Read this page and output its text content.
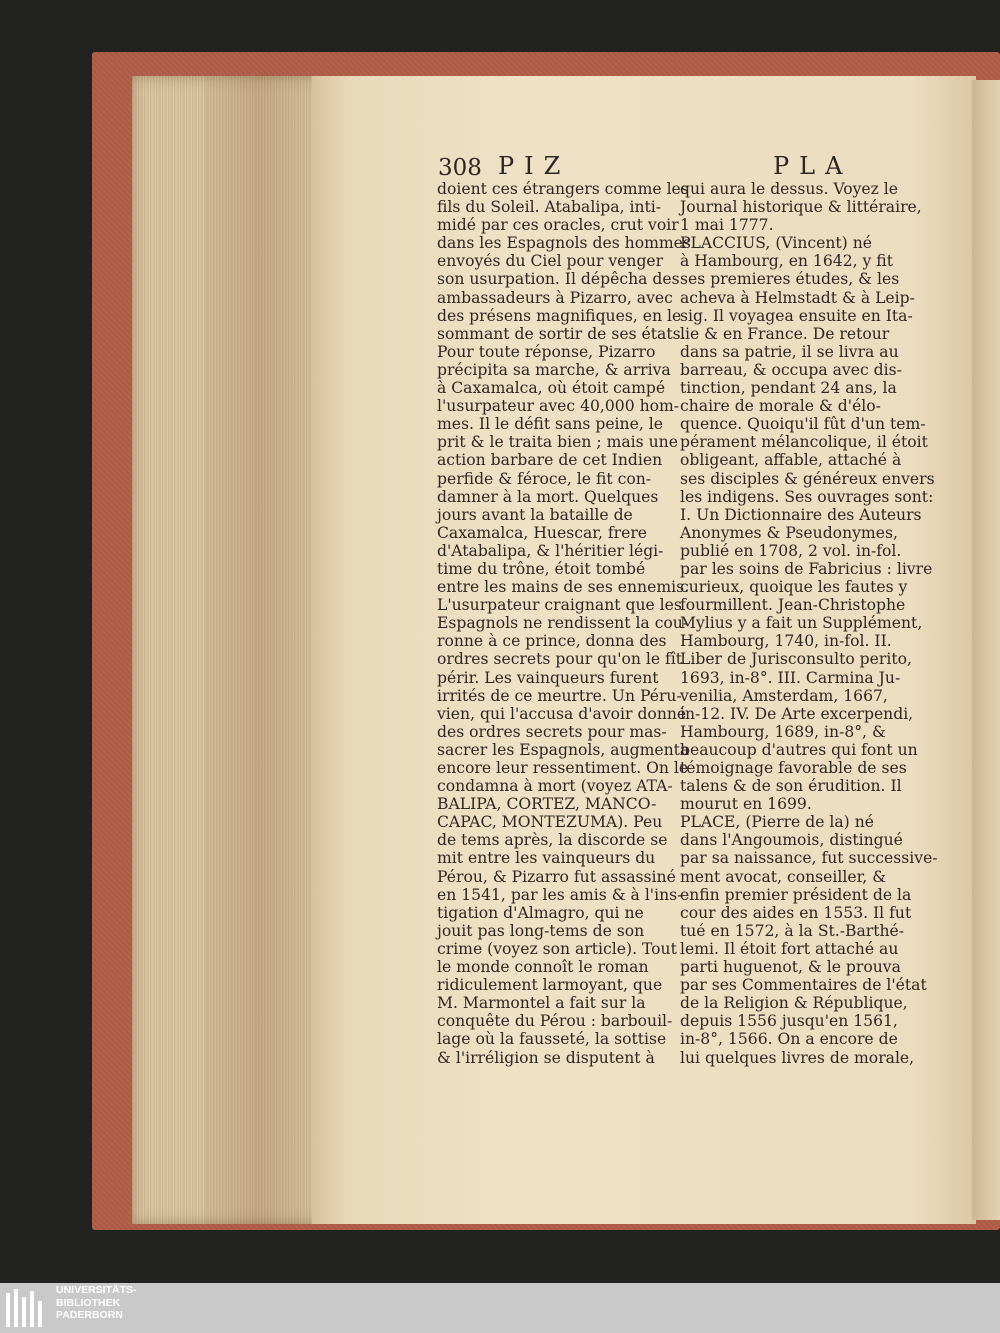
308 PIZ	PLA
doient ces étrangers comme les
fils du Soleil. Atabalipa, inti-
midé par ces oracles, crut voir
dans les Espagnols des hommes
envoyés du Ciel pour venger
son usurpation. Il dépêcha des
ambassadeurs à Pizarro, avec
des présens magnifiques, en le
sommant de sortir de ses états.
Pour toute réponse, Pizarro
précipita sa marche, & arriva
à Caxamalca, où étoit campé
l'usurpateur avec 40,000 hom-
mes. Il le défit sans peine, le
prit & le traita bien ; mais une
action barbare de cet Indien
perfide & féroce, le fit con-
damner à la mort. Quelques
jours avant la bataille de
Caxamalca, Huescar, frere
d'Atabalipa, & l'héritier légi-
time du trône, étoit tombé
entre les mains de ses ennemis.
L'usurpateur craignant que les
Espagnols ne rendissent la cou-
ronne à ce prince, donna des
ordres secrets pour qu'on le fît
périr. Les vainqueurs furent
irrités de ce meurtre. Un Péru-
vien, qui l'accusa d'avoir donné
des ordres secrets pour mas-
sacrer les Espagnols, augmenta
encore leur ressentiment. On le
condamna à mort (voyez ATA-
BALIPA, CORTEZ, MANCO-
CAPAC, MONTEZUMA). Peu
de tems après, la discorde se
mit entre les vainqueurs du
Pérou, & Pizarro fut assassiné
en 1541, par les amis & à l'ins-
tigation d'Almagro, qui ne
jouit pas long-tems de son
crime (voyez son article). Tout
le monde connoît le roman
ridiculement larmoyant, que
M. Marmontel a fait sur la
conquête du Pérou : barbouil-
lage où la fausseté, la sottise
& l'irréligion se disputent à
qui aura le dessus. Voyez le
Journal historique & littéraire,
1 mai 1777.
PLACCIUS, (Vincent) né
à Hambourg, en 1642, y fit
ses premieres études, & les
acheva à Helmstadt & à Leip-
sig. Il voyagea ensuite en Ita-
lie & en France. De retour
dans sa patrie, il se livra au
barreau, & occupa avec dis-
tinction, pendant 24 ans, la
chaire de morale & d'élo-
quence. Quoiqu'il fût d'un tem-
pérament mélancolique, il étoit
obligeant, affable, attaché à
ses disciples & généreux envers
les indigens. Ses ouvrages sont:
I. Un Dictionnaire des Auteurs
Anonymes & Pseudonymes,
publié en 1708, 2 vol. in-fol.
par les soins de Fabricius : livre
curieux, quoique les fautes y
fourmillent. Jean-Christophe
Mylius y a fait un Supplément,
Hambourg, 1740, in-fol. II.
Liber de Jurisconsulto perito,
1693, in-8°. III. Carmina Ju-
venilia, Amsterdam, 1667,
in-12. IV. De Arte excerpendi,
Hambourg, 1689, in-8°, &
beaucoup d'autres qui font un
témoignage favorable de ses
talens & de son érudition. Il
mourut en 1699.
PLACE, (Pierre de la) né
dans l'Angoumois, distingué
par sa naissance, fut successive-
ment avocat, conseiller, &
enfin premier président de la
cour des aides en 1553. Il fut
tué en 1572, à la St.-Barthé-
lemi. Il étoit fort attaché au
parti huguenot, & le prouva
par ses Commentaires de l'état
de la Religion & République,
depuis 1556 jusqu'en 1561,
in-8°, 1566. On a encore de
lui quelques livres de morale,
UNIVERSITÄTS-
BIBLIOTHEK
PADERBORN
